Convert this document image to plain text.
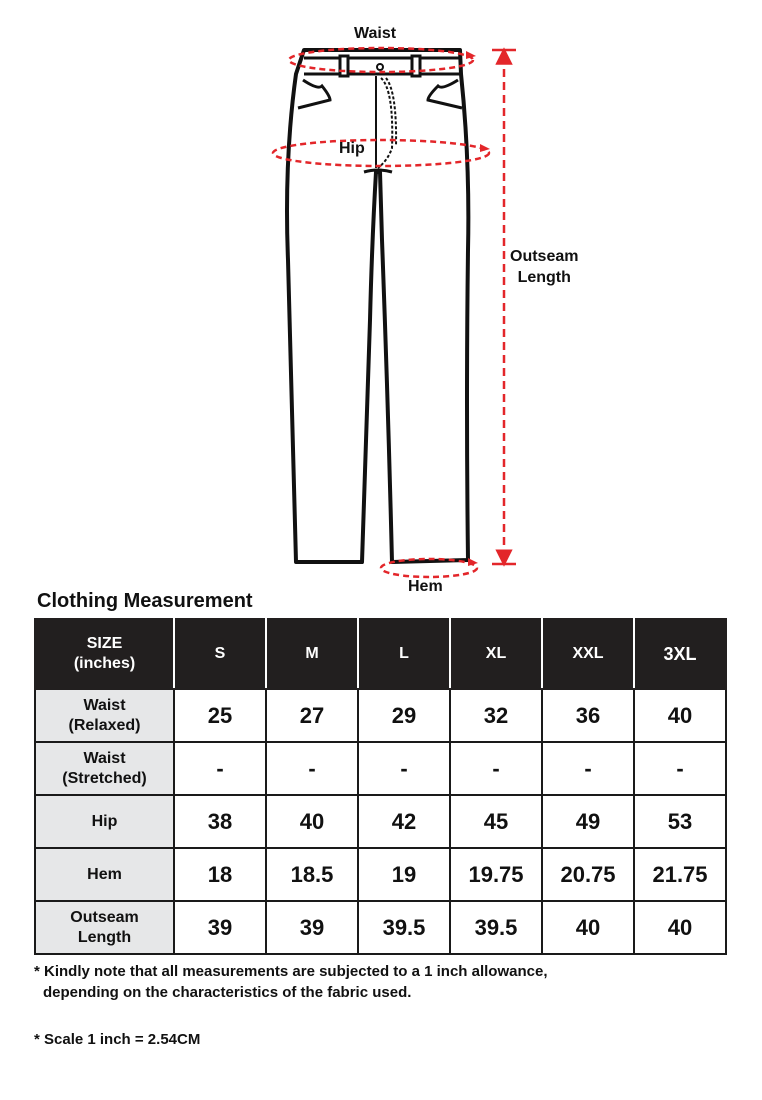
Waist
Hip
Hem
Outseam
Length
Clothing Measurement
SIZE
(inches)	S	M	L	XL	XXL	3XL
Waist
(Relaxed)	25	27	29	32	36	40
Waist
(Stretched)	-	-	-	-	-	-
Hip	38	40	42	45	49	53
Hem	18	18.5	19	19.75	20.75	21.75
Outseam
Length	39	39	39.5	39.5	40	40
* Kindly note that all measurements are subjected to a 1 inch allowance,
depending on the characteristics of the fabric used.
* Scale 1 inch = 2.54CM
